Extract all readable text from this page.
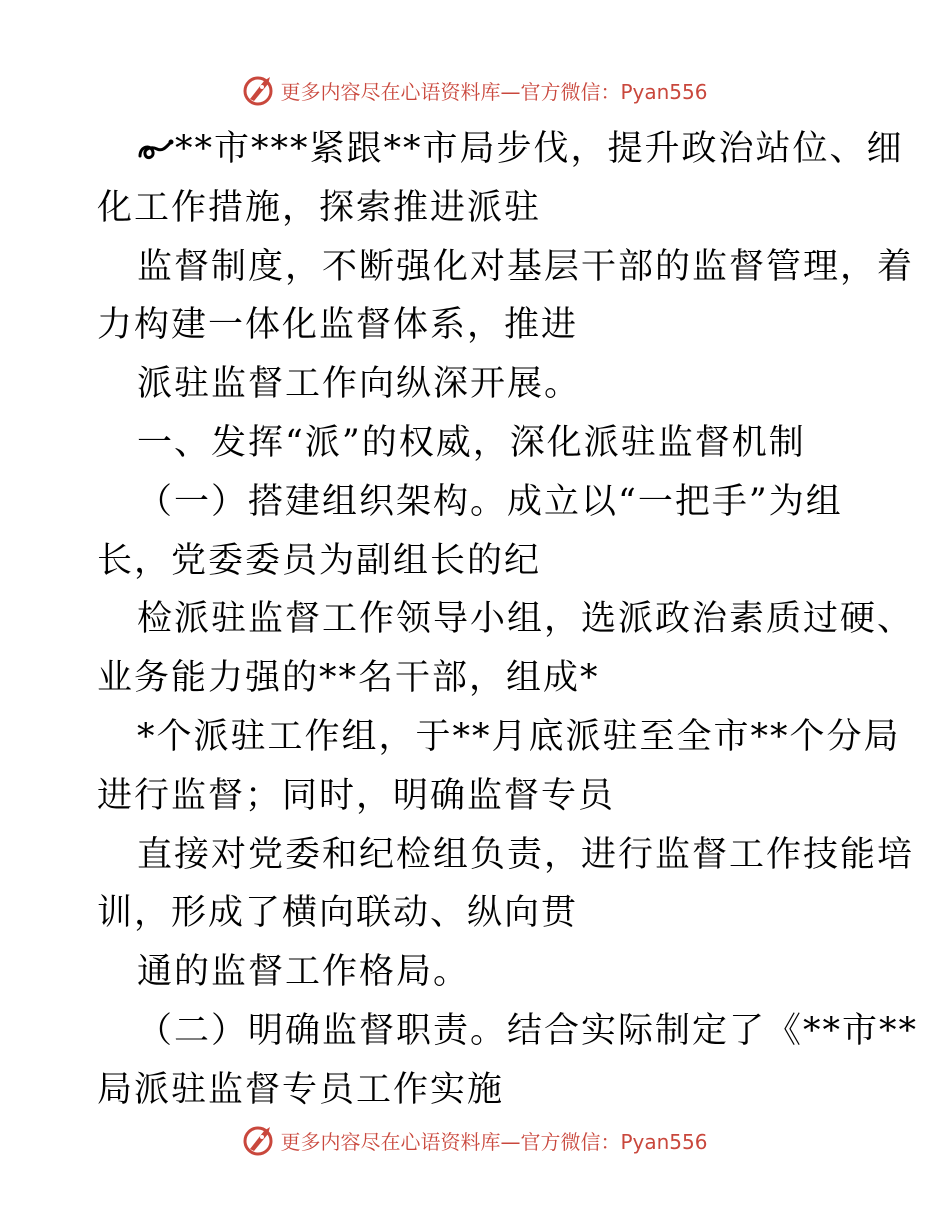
更多内容尽在心语资料库—官方微信：Pyan556
**市***紧跟**市局步伐，提升政治站位、细
化工作措施，探索推进派驻
监督制度，不断强化对基层干部的监督管理，着
力构建一体化监督体系，推进
派驻监督工作向纵深开展。
一、发挥“派”的权威，深化派驻监督机制
（一）搭建组织架构。成立以“一把手”为组
长，党委委员为副组长的纪
检派驻监督工作领导小组，选派政治素质过硬、
业务能力强的**名干部，组成*
*个派驻工作组，于**月底派驻至全市**个分局
进行监督；同时，明确监督专员
直接对党委和纪检组负责，进行监督工作技能培
训，形成了横向联动、纵向贯
通的监督工作格局。
（二）明确监督职责。结合实际制定了《**市**
局派驻监督专员工作实施
更多内容尽在心语资料库—官方微信：Pyan556
